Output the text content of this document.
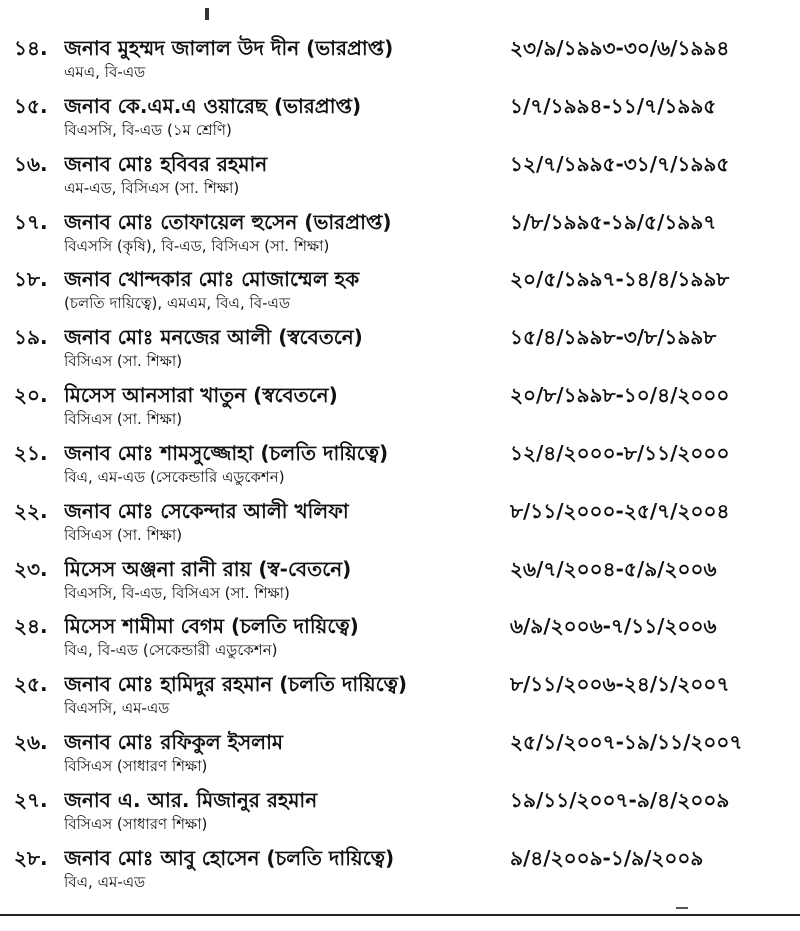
১৪. জনাব মুহম্মদ জালাল উদ দীন (ভারপ্রাপ্ত)	২৩/৯/১৯৯৩-৩০/৬/১৯৯৪
এমএ, বি-এড
১৫. জনাব কে.এম.এ ওয়ারেছ (ভারপ্রাপ্ত)	১/৭/১৯৯৪-১১/৭/১৯৯৫
বিএসসি, বি-এড (১ম শ্রেণি)
১৬. জনাব মোঃ হবিবর রহমান	১২/৭/১৯৯৫-৩১/৭/১৯৯৫
এম-এড, বিসিএস (সা. শিক্ষা)
১৭. জনাব মোঃ তোফায়েল হুসেন (ভারপ্রাপ্ত)	১/৮/১৯৯৫-১৯/৫/১৯৯৭
বিএসসি (কৃষি), বি-এড, বিসিএস (সা. শিক্ষা)
১৮. জনাব খোন্দকার মোঃ মোজাম্মেল হক	২০/৫/১৯৯৭-১৪/৪/১৯৯৮
(চলতি দায়িত্বে), এমএম, বিএ, বি-এড
১৯. জনাব মোঃ মনজের আলী (স্ববেতনে)	১৫/৪/১৯৯৮-৩/৮/১৯৯৮
বিসিএস (সা. শিক্ষা)
২০. মিসেস আনসারা খাতুন (স্ববেতনে)	২০/৮/১৯৯৮-১০/৪/২০০০
বিসিএস (সা. শিক্ষা)
২১. জনাব মোঃ শামসুজ্জোহা (চলতি দায়িত্বে)	১২/৪/২০০০-৮/১১/২০০০
বিএ, এম-এড (সেকেন্ডারি এডুকেশন)
২২. জনাব মোঃ সেকেন্দার আলী খলিফা	৮/১১/২০০০-২৫/৭/২০০৪
বিসিএস (সা. শিক্ষা)
২৩. মিসেস অঞ্জনা রানী রায় (স্ব-বেতনে)	২৬/৭/২০০৪-৫/৯/২০০৬
বিএসসি, বি-এড, বিসিএস (সা. শিক্ষা)
২৪. মিসেস শামীমা বেগম (চলতি দায়িত্বে)	৬/৯/২০০৬-৭/১১/২০০৬
বিএ, বি-এড (সেকেন্ডারী এডুকেশন)
২৫. জনাব মোঃ হামিদুর রহমান (চলতি দায়িত্বে)	৮/১১/২০০৬-২৪/১/২০০৭
বিএসসি, এম-এড
২৬. জনাব মোঃ রফিকুল ইসলাম	২৫/১/২০০৭-১৯/১১/২০০৭
বিসিএস (সাধারণ শিক্ষা)
২৭. জনাব এ. আর. মিজানুর রহমান	১৯/১১/২০০৭-৯/৪/২০০৯
বিসিএস (সাধারণ শিক্ষা)
২৮. জনাব মোঃ আবু হোসেন (চলতি দায়িত্বে)	৯/৪/২০০৯-১/৯/২০০৯
বিএ, এম-এড
